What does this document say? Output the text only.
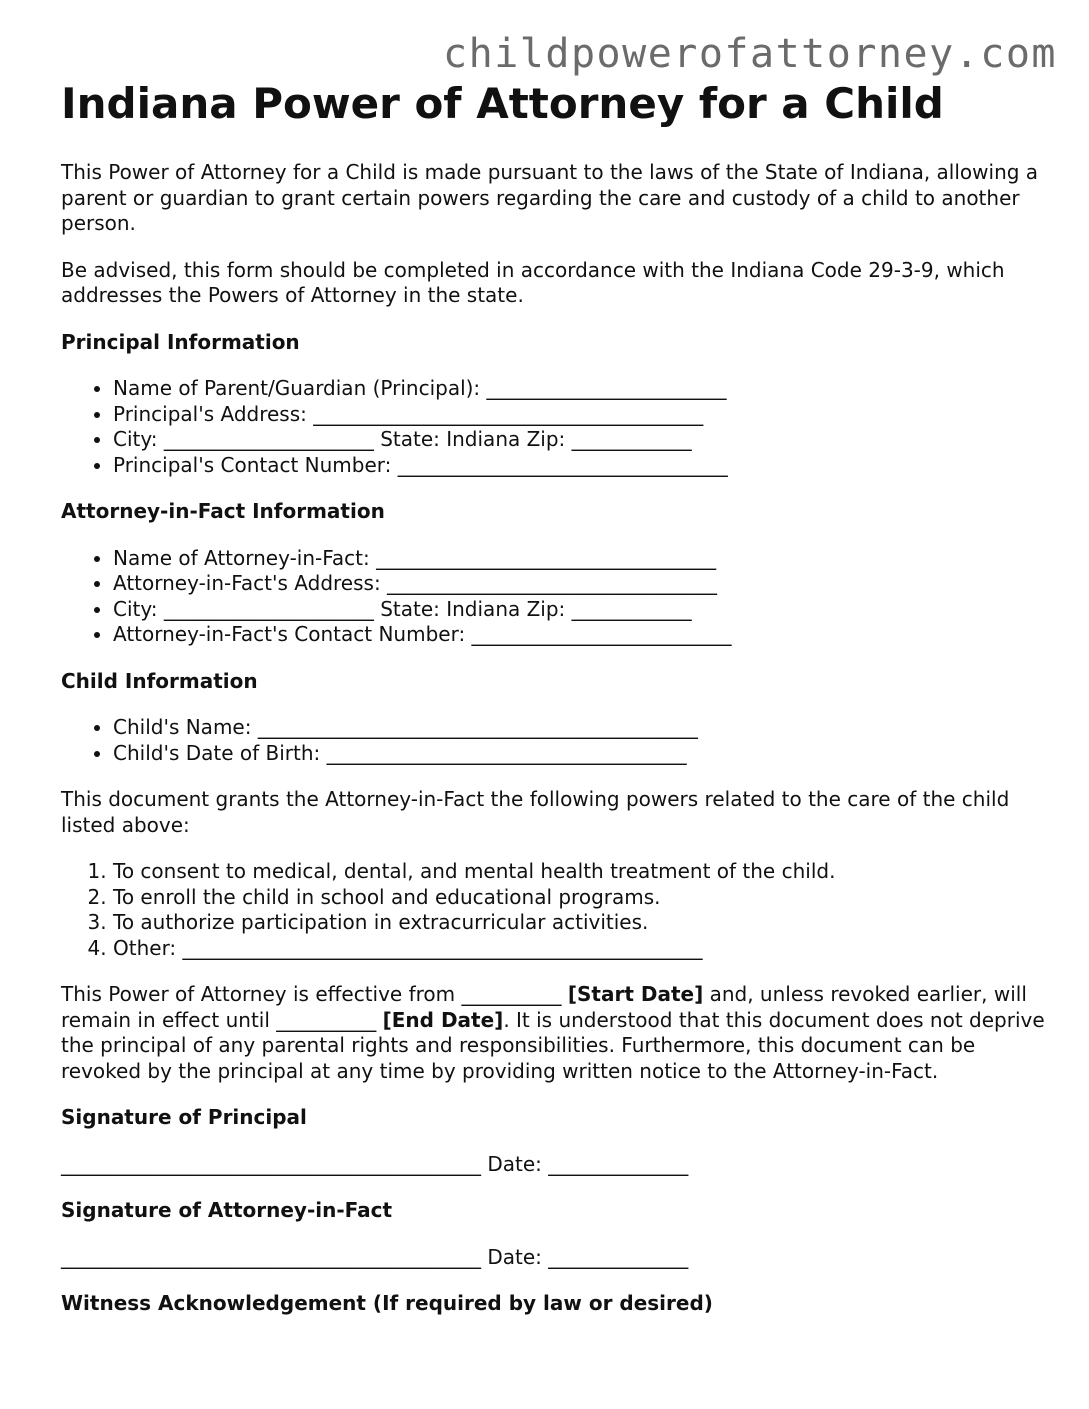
childpowerofattorney.com
Indiana Power of Attorney for a Child

This Power of Attorney for a Child is made pursuant to the laws of the State of Indiana, allowing a parent or guardian to grant certain powers regarding the care and custody of a child to another person.

Be advised, this form should be completed in accordance with the Indiana Code 29-3-9, which addresses the Powers of Attorney in the state.

Principal Information
• Name of Parent/Guardian (Principal): ________________________
• Principal's Address: _______________________________________
• City: _____________________ State: Indiana Zip: ____________
• Principal's Contact Number: _________________________________
Attorney-in-Fact Information
• Name of Attorney-in-Fact: __________________________________
• Attorney-in-Fact's Address: _________________________________
• City: _____________________ State: Indiana Zip: ____________
• Attorney-in-Fact's Contact Number: __________________________
Child Information
• Child's Name: ____________________________________________
• Child's Date of Birth: ____________________________________

This document grants the Attorney-in-Fact the following powers related to the care of the child listed above:

1. To consent to medical, dental, and mental health treatment of the child.
2. To enroll the child in school and educational programs.
3. To authorize participation in extracurricular activities.
4. Other: ____________________________________________________

This Power of Attorney is effective from __________ [Start Date] and, unless revoked earlier, will remain in effect until __________ [End Date]. It is understood that this document does not deprive the principal of any parental rights and responsibilities. Furthermore, this document can be revoked by the principal at any time by providing written notice to the Attorney-in-Fact.

Signature of Principal

__________________________________________ Date: ______________

Signature of Attorney-in-Fact

__________________________________________ Date: ______________

Witness Acknowledgement (If required by law or desired)
